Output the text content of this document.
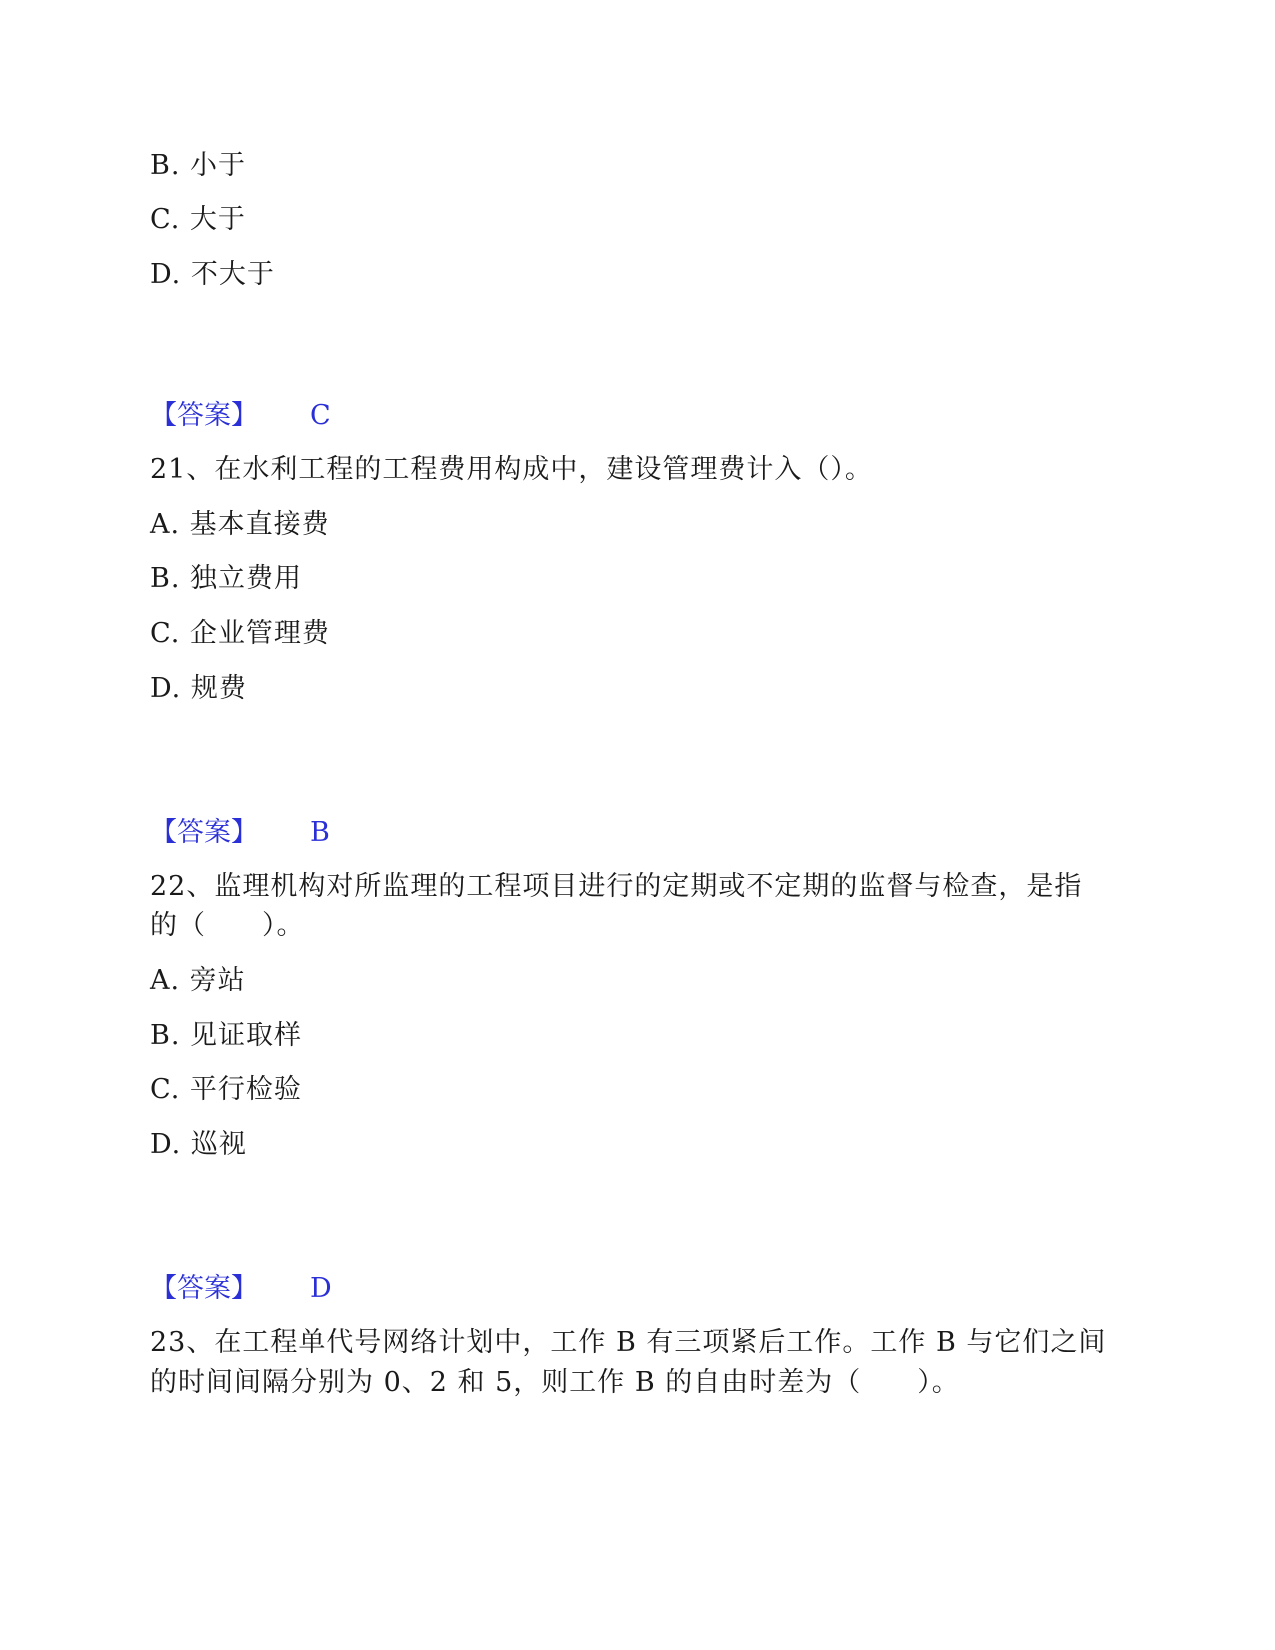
B. 小于
C. 大于
D. 不大于
【答案】 C
21、在水利工程的工程费用构成中，建设管理费计入（）。
A. 基本直接费
B. 独立费用
C. 企业管理费
D. 规费
【答案】 B
22、监理机构对所监理的工程项目进行的定期或不定期的监督与检查，是指
的（　　）。
A. 旁站
B. 见证取样
C. 平行检验
D. 巡视
【答案】 D
23、在工程单代号网络计划中，工作 B 有三项紧后工作。工作 B 与它们之间
的时间间隔分别为 0、2 和 5，则工作 B 的自由时差为（　　）。
